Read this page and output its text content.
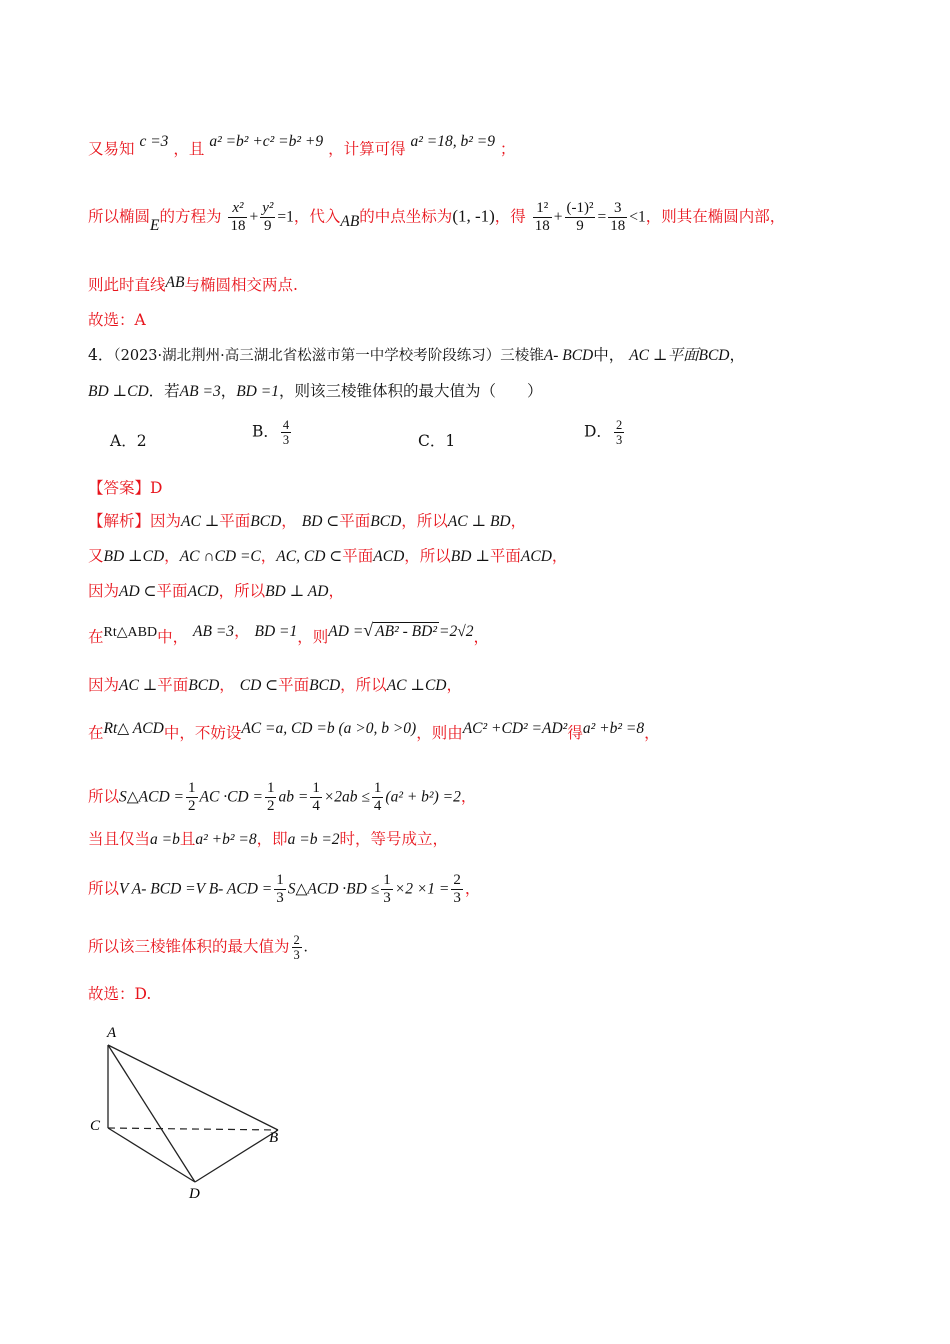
又易知 c =3 ，且 a² =b² +c² =b² +9 ，计算可得 a² =18, b² =9 ；
所以椭圆E的方程为 $\frac{\text{x²}}{18} + \frac{\text{y²}}{9} =1$，代入AB的中点坐标为(1, -1)，得 $\frac{\text{1²}}{18} + \frac{\text{(-1)²}}{9} = \frac{3}{18} <1$，则其在椭圆内部，
则此时直线AB与椭圆相交两点.
故选：A
4．（2023·湖北荆州·高三湖北省松滋市第一中学校考阶段练习）三棱锥A- BCD中， AC ⊥平面BCD，
BD ⊥CD．若AB =3，BD =1，则该三棱锥体积的最大值为（　　）
A．2
B． $\frac{4}{3}$	C．1
D． $\frac{2}{3}$
【答案】D
【解析】因为AC ⊥平面BCD， BD ⊂平面BCD，所以AC ⊥ BD，
又BD ⊥CD，AC ∩CD =C，AC, CD ⊂平面ACD，所以BD ⊥平面ACD，
因为AD ⊂平面ACD，所以BD ⊥ AD，
在Rt△ABD中， AB =3， BD =1，则AD =√ AB² - BD² =2√2，
因为AC ⊥平面BCD， CD ⊂平面BCD，所以AC ⊥CD，
在Rt△ ACD中，不妨设AC =a, CD =b (a >0, b >0)，则由AC² +CD² =AD²得a² +b² =8，
所以S△ACD = $\frac{1}{2}$ AC $\cdot CD = \frac{1}{2}$ ab = $\frac{1}{4} \times 2ab \le \frac{1}{4} (a^2 + b^2) =2$，
当且仅当a =b且a² +b² =8，即a =b =2时，等号成立，
所以V A- BCD =V B- ACD = $\frac{1}{3}$ S△ACD $\cdot BD \le \frac{1}{3} \times 2 \times 1 = \frac{2}{3}$ ，
所以该三棱锥体积的最大值为 $\frac{2}{3}$ .
故选：D.
A
B
C
D
